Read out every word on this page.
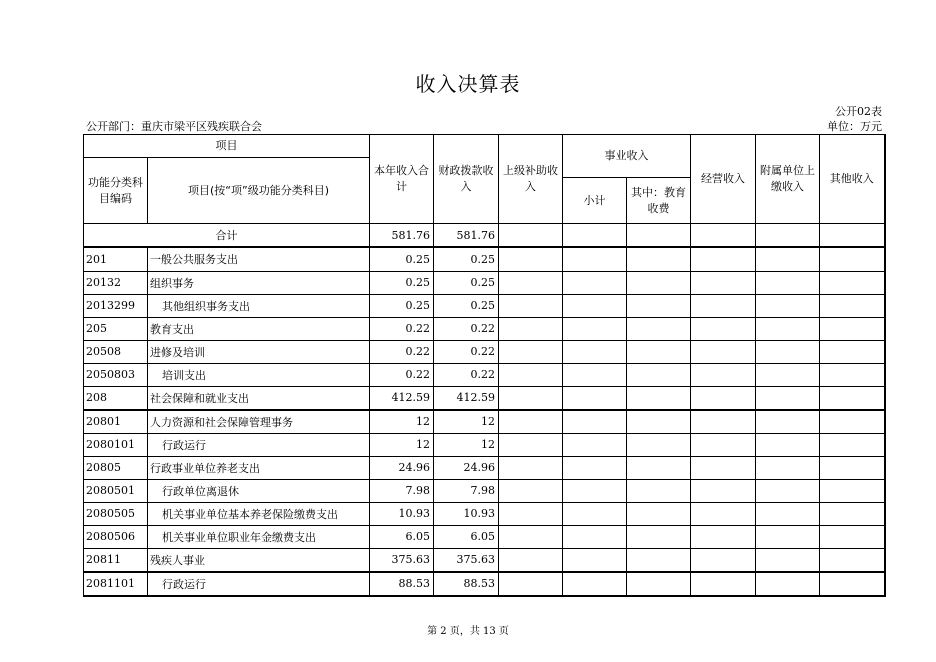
收入决算表
公开02表
单位：万元
公开部门：重庆市梁平区残疾联合会
项目		本年收入合计	财政拨款收入	上级补助收入	事业收入		经营收入	附属单位上缴收入	其他收入
功能分类科目编码	项目(按“项”级功能分类科目)								
					小计	其中：教育收费			
合计		581.76	581.76						
201	一般公共服务支出	0.25	0.25						
20132	组织事务	0.25	0.25						
2013299	其他组织事务支出	0.25	0.25						
205	教育支出	0.22	0.22						
20508	进修及培训	0.22	0.22						
2050803	培训支出	0.22	0.22						
208	社会保障和就业支出	412.59	412.59						
20801	人力资源和社会保障管理事务	12	12						
2080101	行政运行	12	12						
20805	行政事业单位养老支出	24.96	24.96						
2080501	行政单位离退休	7.98	7.98						
2080505	机关事业单位基本养老保险缴费支出	10.93	10.93						
2080506	机关事业单位职业年金缴费支出	6.05	6.05						
20811	残疾人事业	375.63	375.63						
2081101	行政运行	88.53	88.53						
第 2 页，共 13 页
